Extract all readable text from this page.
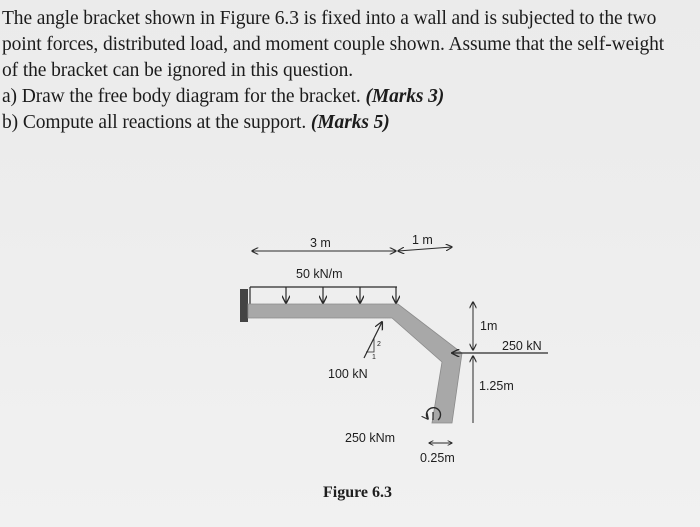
The angle bracket shown in Figure 6.3 is fixed into a wall and is subjected to the two
point forces, distributed load, and moment couple shown. Assume that the self-weight
of the bracket can be ignored in this question.
a) Draw the free body diagram for the bracket. (Marks 3)
b) Compute all reactions at the support. (Marks 5)
3 m	1 m
50 kN/m
2
1
100 kN
250 kN
1m
1.25m
250 kNm
0.25m
Figure 6.3
